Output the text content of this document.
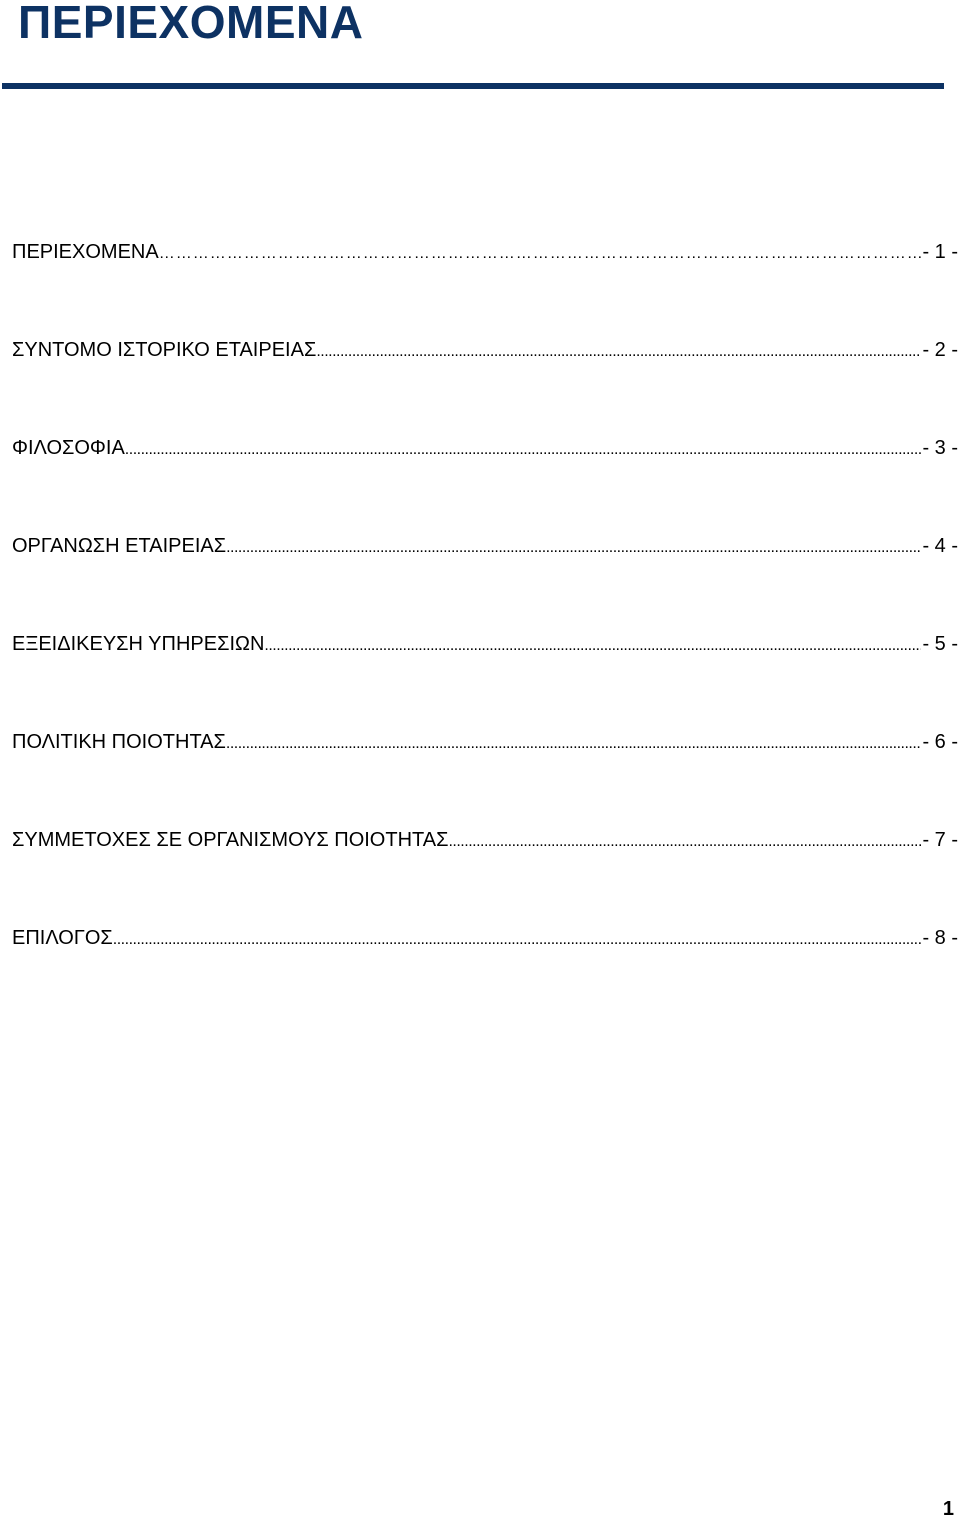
ΠΕΡΙΕΧΟΜΕΝΑ
ΠΕΡΙΕΧΟΜΕΝΑ ……………………………………………………………………………………………………………………………………………………………	- 1 -
ΣΥΝΤΟΜΟ ΙΣΤΟΡΙΚΟ ΕΤΑΙΡΕΙΑΣ .....	- 2 -
ΦΙΛΟΣΟΦΙΑ .....	- 3 -
ΟΡΓΑΝΩΣΗ ΕΤΑΙΡΕΙΑΣ .....	- 4 -
ΕΞΕΙΔΙΚΕΥΣΗ ΥΠΗΡΕΣΙΩΝ .....	- 5 -
ΠΟΛΙΤΙΚΗ ΠΟΙΟΤΗΤΑΣ .....	- 6 -
ΣΥΜΜΕΤΟΧΕΣ ΣΕ ΟΡΓΑΝΙΣΜΟΥΣ ΠΟΙΟΤΗΤΑΣ .....	- 7 -
ΕΠΙΛΟΓΟΣ .....	- 8 -
1
